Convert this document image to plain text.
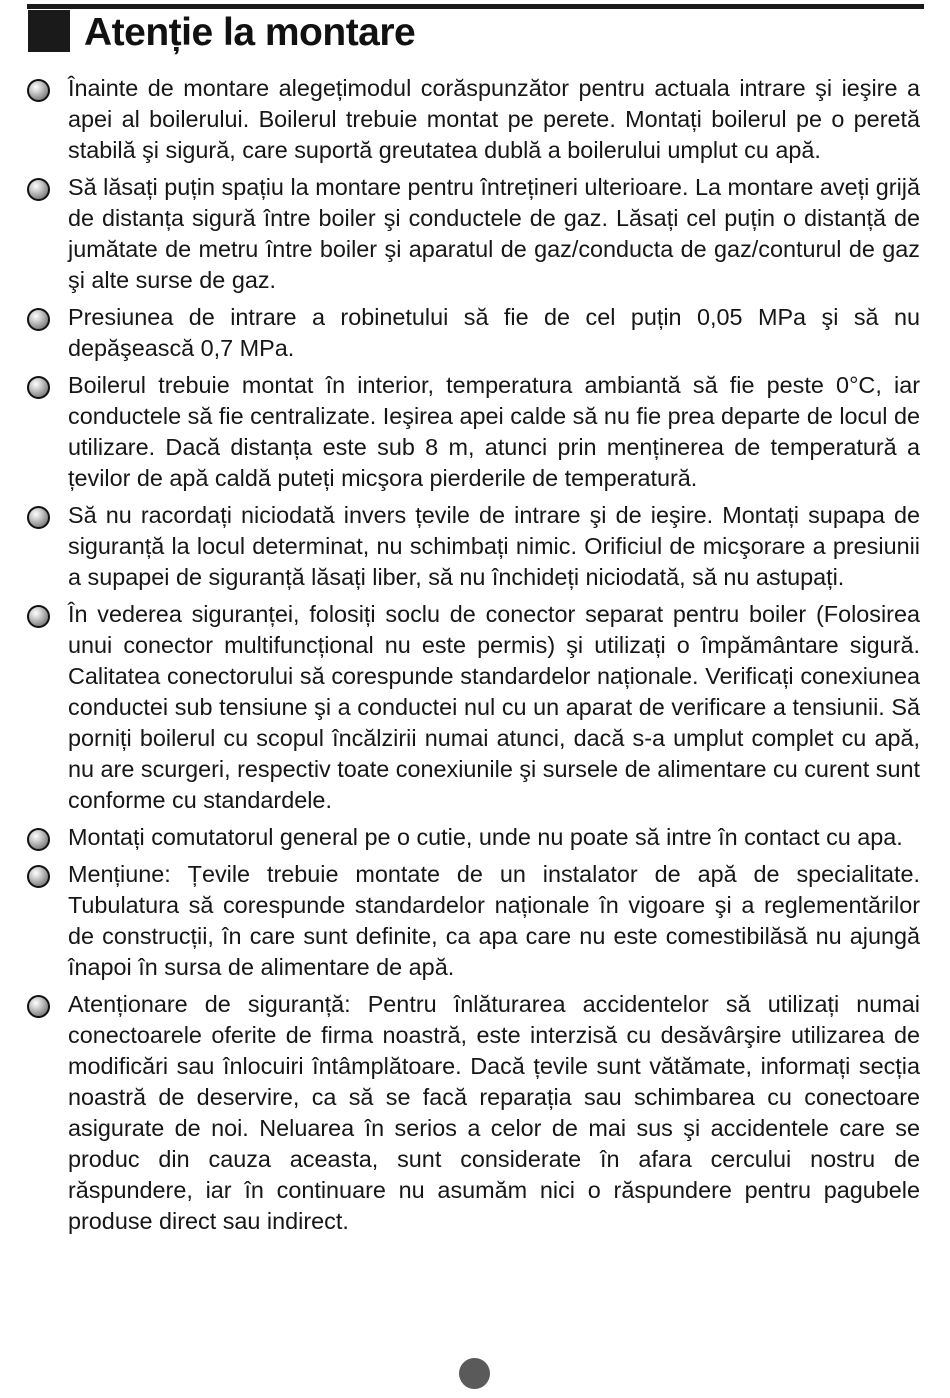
Atenție la montare
Înainte de montare alegețimodul corăspunzător pentru actuala intrare şi ieşire a apei al boilerului. Boilerul trebuie montat pe perete. Montați boilerul pe o peretă stabilă şi sigură, care suportă greutatea dublă a boilerului umplut cu apă.
Să lăsați puțin spațiu la montare pentru întrețineri ulterioare. La montare aveți grijă de distanța sigură între boiler şi conductele de gaz. Lăsați cel puțin o distanță de jumătate de metru între boiler şi aparatul de gaz/conducta de gaz/conturul de gaz şi alte surse de gaz.
Presiunea de intrare a robinetului să fie de cel puțin 0,05 MPa şi să nu depăşească 0,7 MPa.
Boilerul trebuie montat în interior, temperatura ambiantă să fie peste 0°C, iar conductele să fie centralizate. Ieşirea apei calde să nu fie prea departe de locul de utilizare. Dacă distanța este sub 8 m, atunci prin menținerea de temperatură a țevilor de apă caldă puteți micşora pierderile de temperatură.
Să nu racordați niciodată invers țevile de intrare şi de ieşire. Montați supapa de siguranță la locul determinat, nu schimbați nimic. Orificiul de micşorare a presiunii a supapei de siguranță lăsați liber, să nu închideți niciodată, să nu astupați.
În vederea siguranței, folosiți soclu de conector separat pentru boiler (Folosirea unui conector multifuncțional nu este permis) şi utilizați o împământare sigură. Calitatea conectorului să corespunde standardelor naționale. Verificați conexiunea conductei sub tensiune şi a conductei nul cu un aparat de verificare a tensiunii. Să porniți boilerul cu scopul încălzirii numai atunci, dacă s-a umplut complet cu apă, nu are scurgeri, respectiv toate conexiunile şi sursele de alimentare cu curent sunt conforme cu standardele.
Montați comutatorul general pe o cutie, unde nu poate să intre în contact cu apa.
Mențiune: Țevile trebuie montate de un instalator de apă de specialitate. Tubulatura să corespunde standardelor naționale în vigoare şi a reglementărilor de construcții, în care sunt definite, ca apa care nu este comestibilăsă nu ajungă înapoi în sursa de alimentare de apă.
Atenționare de siguranță: Pentru înlăturarea accidentelor să utilizați numai conectoarele oferite de firma noastră, este interzisă cu desăvârşire utilizarea de modificări sau înlocuiri întâmplătoare. Dacă țevile sunt vătămate, informați secția noastră de deservire, ca să se facă reparația sau schimbarea cu conectoare asigurate de noi. Neluarea în serios a celor de mai sus şi accidentele care se produc din cauza aceasta, sunt considerate în afara cercului nostru de răspundere, iar în continuare nu asumăm nici o răspundere pentru pagubele produse direct sau indirect.
